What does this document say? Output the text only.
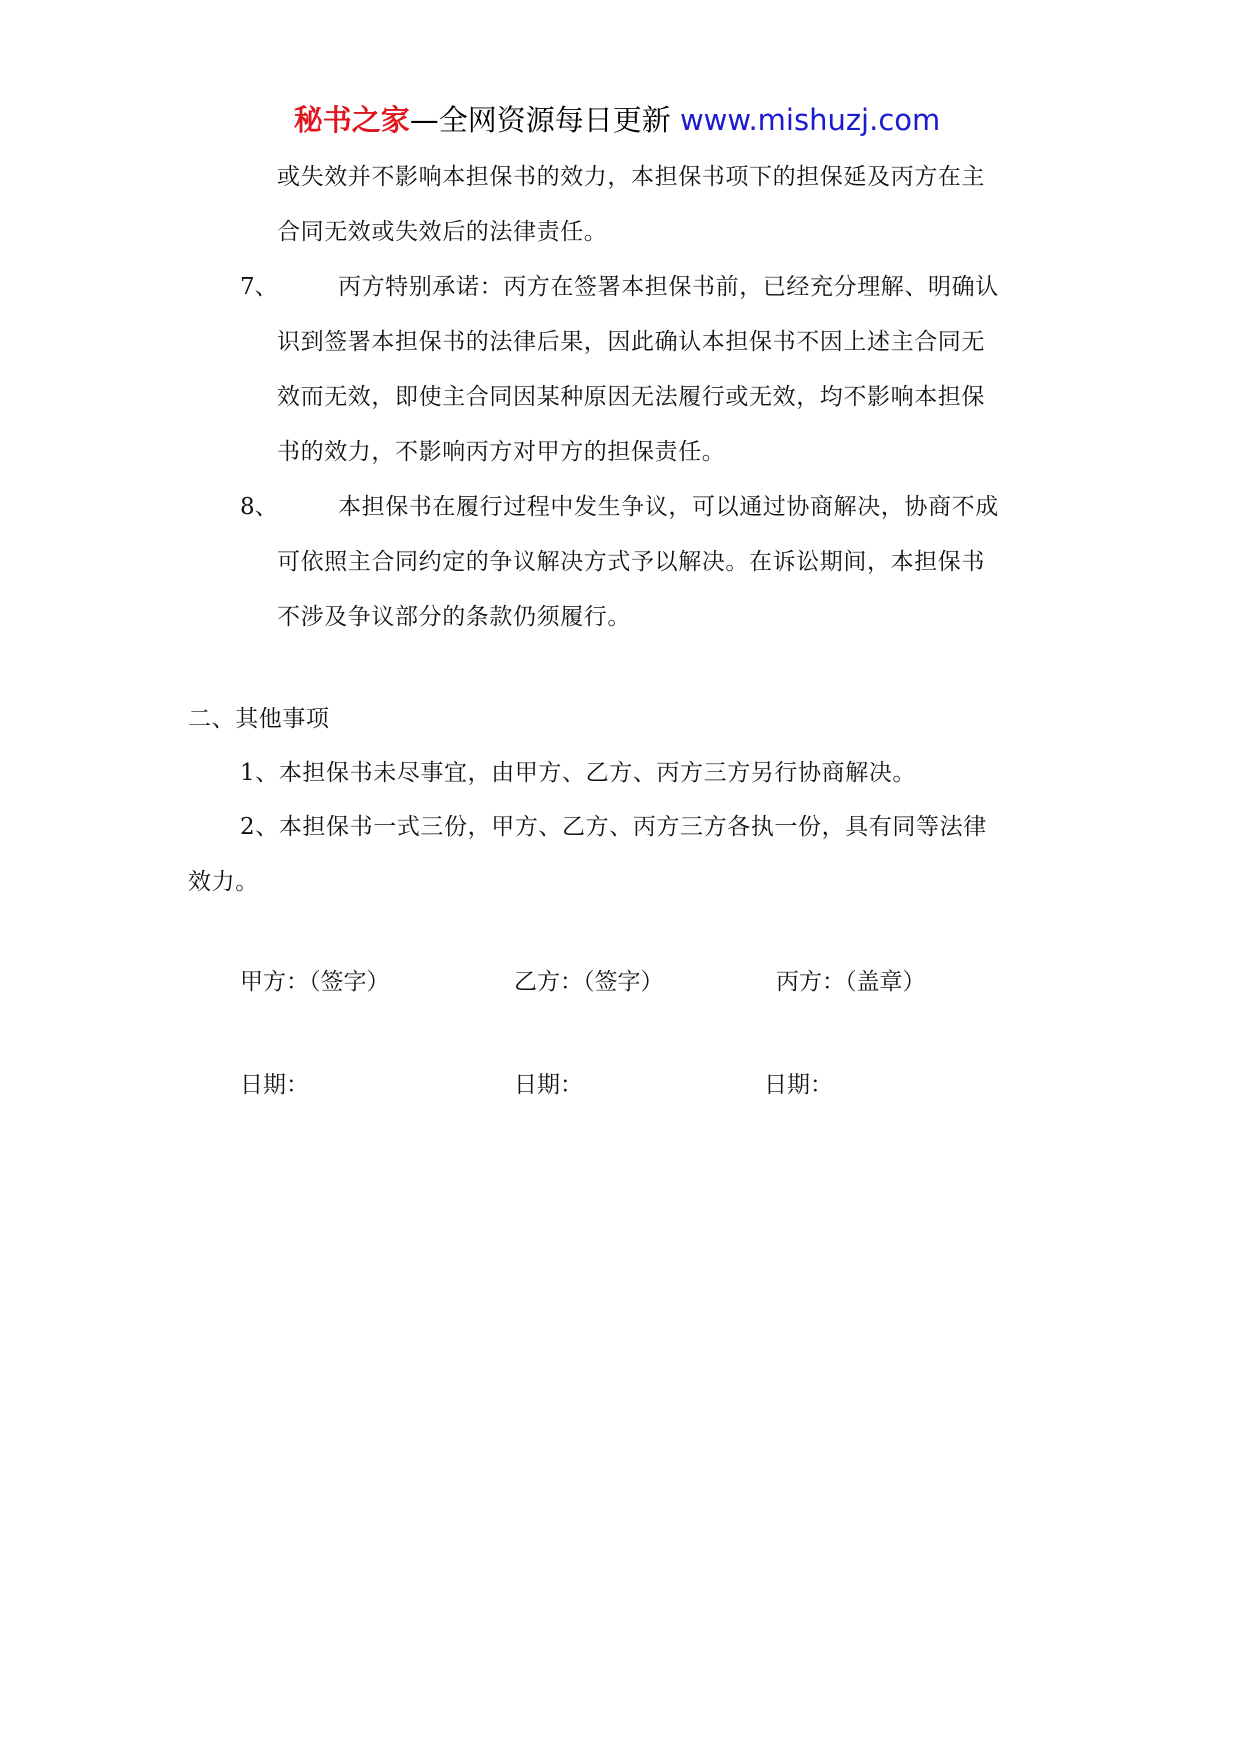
秘书之家—全网资源每日更新 www.mishuzj.com
或失效并不影响本担保书的效力，本担保书项下的担保延及丙方在主
合同无效或失效后的法律责任。
7、	丙方特别承诺：丙方在签署本担保书前，已经充分理解、明确认
识到签署本担保书的法律后果，因此确认本担保书不因上述主合同无
效而无效，即使主合同因某种原因无法履行或无效，均不影响本担保
书的效力，不影响丙方对甲方的担保责任。
8、	本担保书在履行过程中发生争议，可以通过协商解决，协商不成
可依照主合同约定的争议解决方式予以解决。在诉讼期间，本担保书
不涉及争议部分的条款仍须履行。
二、其他事项
1、本担保书未尽事宜，由甲方、乙方、丙方三方另行协商解决。
2、本担保书一式三份，甲方、乙方、丙方三方各执一份，具有同等法律
效力。
甲方：（签字）	乙方：（签字）	丙方：（盖章）
日期：	日期：	日期：
